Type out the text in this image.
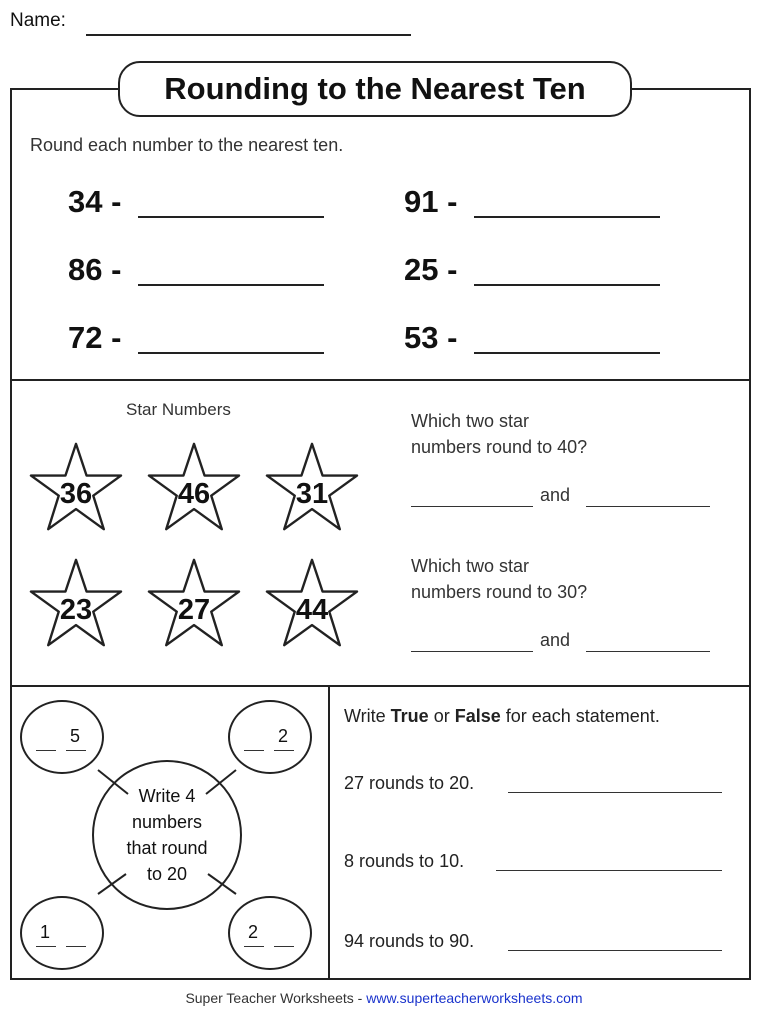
Name:
Rounding to the Nearest Ten
Round each number to the nearest ten.
34 -	91 -
86 -	25 -
72 -	53 -
Star Numbers
36	46	31
23	27	44
Which two star
numbers round to 40?
and
Which two star
numbers round to 30?
and
5	2
1	2
Write 4
numbers
that round
to 20
Write True or False for each statement.
27 rounds to 20.
8 rounds to 10.
94 rounds to 90.
Super Teacher Worksheets - www.superteacherworksheets.com
